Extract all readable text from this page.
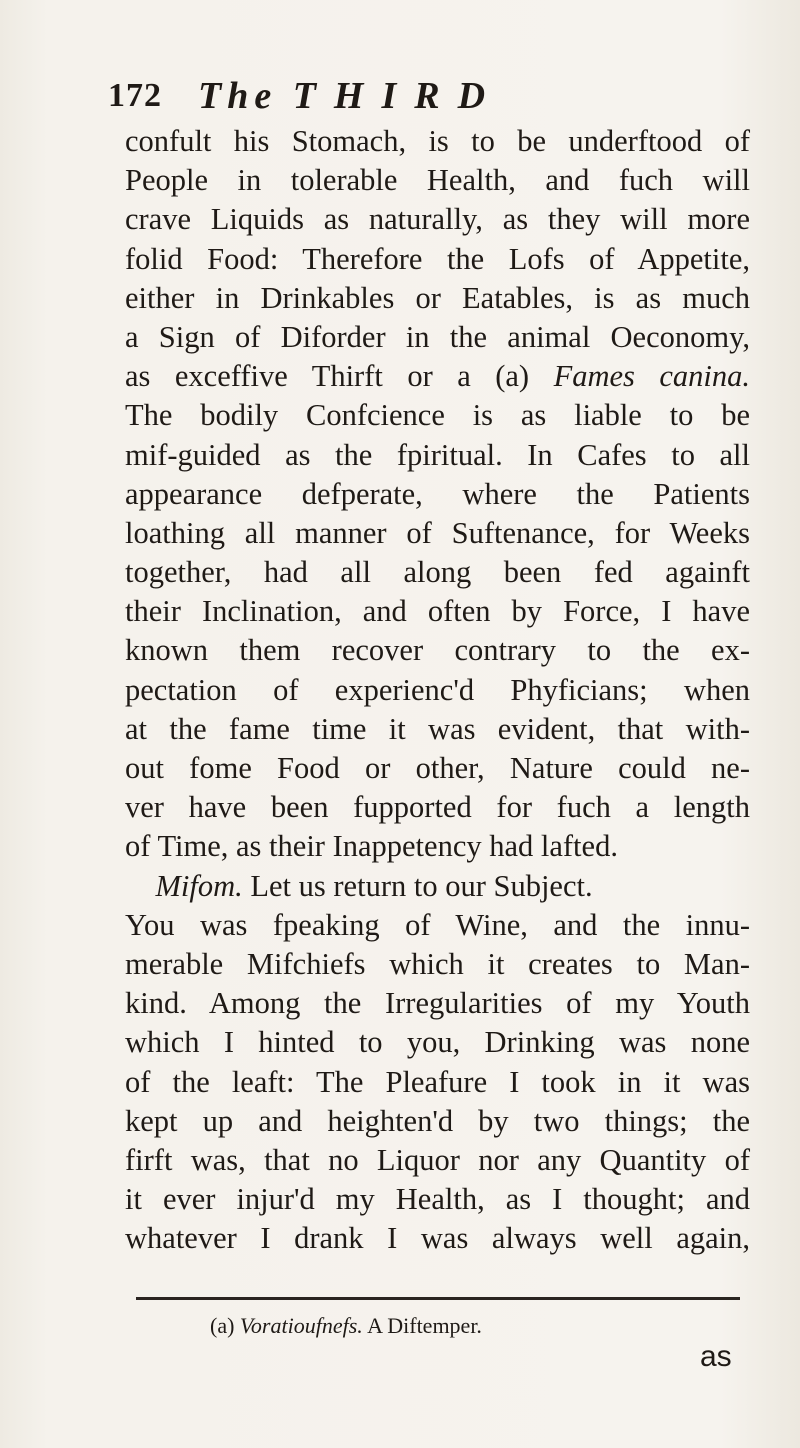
172 The THIRD
confult his Stomach, is to be underftood of
People in tolerable Health, and fuch will
crave Liquids as naturally, as they will more
folid Food: Therefore the Lofs of Appetite,
either in Drinkables or Eatables, is as much
a Sign of Diforder in the animal Oeconomy,
as exceffive Thirft or a (a) Fames canina.
The bodily Confcience is as liable to be
mif-guided as the fpiritual. In Cafes to all
appearance defperate, where the Patients
loathing all manner of Suftenance, for Weeks
together, had all along been fed againft
their Inclination, and often by Force, I have
known them recover contrary to the ex-
pectation of experienc'd Phyficians; when
at the fame time it was evident, that with-
out fome Food or other, Nature could ne-
ver have been fupported for fuch a length
of Time, as their Inappetency had lafted.
Mifom. Let us return to our Subject.
You was fpeaking of Wine, and the innu-
merable Mifchiefs which it creates to Man-
kind. Among the Irregularities of my Youth
which I hinted to you, Drinking was none
of the leaft: The Pleafure I took in it was
kept up and heighten'd by two things; the
firft was, that no Liquor nor any Quantity of
it ever injur'd my Health, as I thought; and
whatever I drank I was always well again,
(a) Voratioufnefs. A Diftemper.
as
